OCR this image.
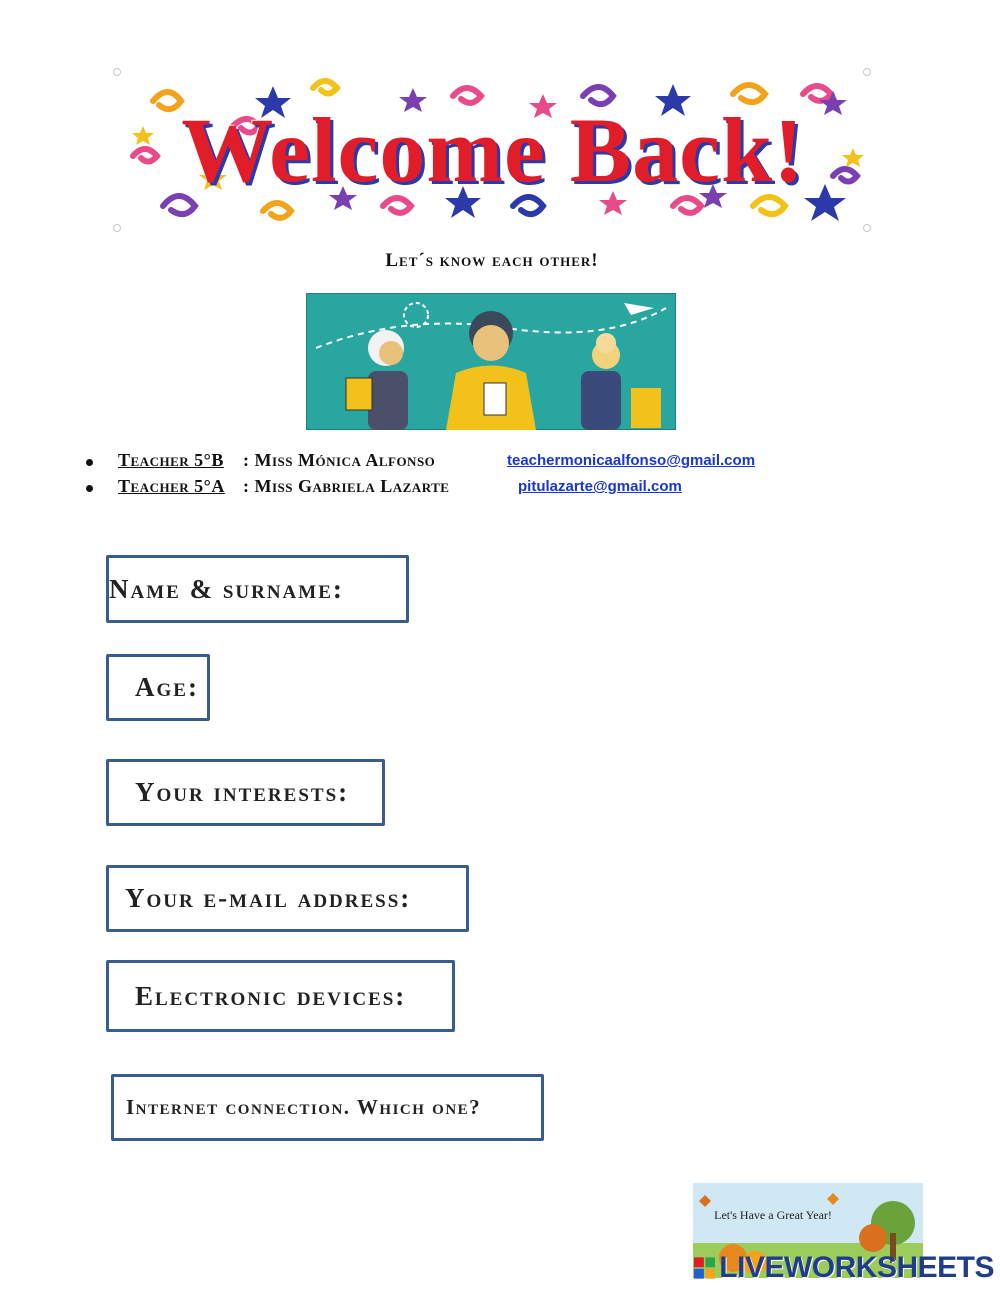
Welcome Back!
Let´s know each other!
Teacher 5°B : Miss Mónica Alfonso	teachermonicaalfonso@gmail.com
Teacher 5°A : Miss Gabriela Lazarte	pitulazarte@gmail.com
Name & surname:
Age:
Your interests:
Your e-mail address:
Electronic devices:
Internet connection. Which one?
Let's Have a Great Year!
LIVEWORKSHEETS
